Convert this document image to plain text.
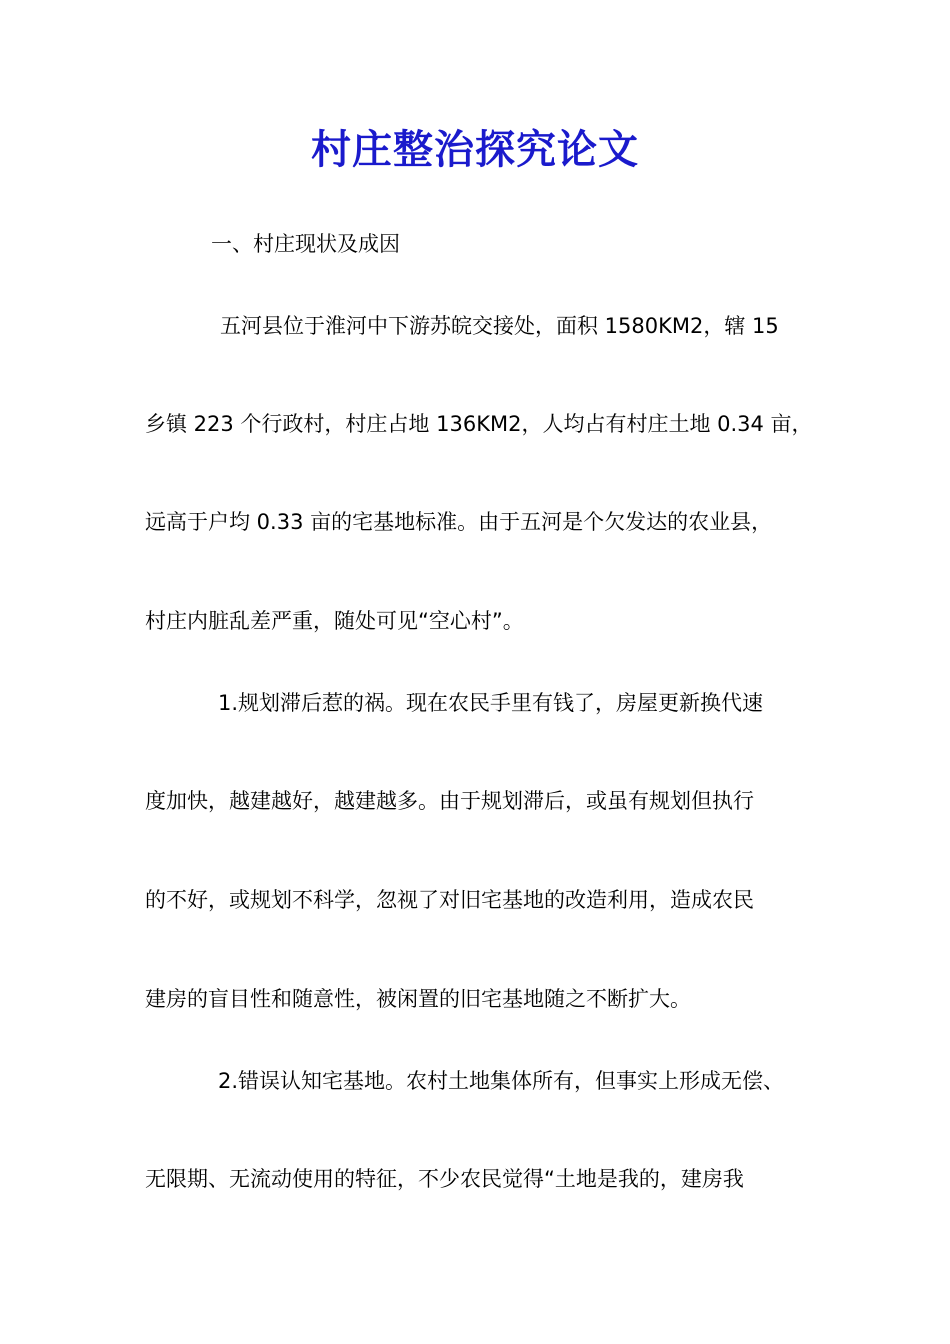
村庄整治探究论文
一、村庄现状及成因
五河县位于淮河中下游苏皖交接处，面积 1580KM2，辖 15
乡镇 223 个行政村，村庄占地 136KM2，人均占有村庄土地 0.34 亩，
远高于户均 0.33 亩的宅基地标准。由于五河是个欠发达的农业县，
村庄内脏乱差严重，随处可见“空心村”。
1.规划滞后惹的祸。现在农民手里有钱了，房屋更新换代速
度加快，越建越好，越建越多。由于规划滞后，或虽有规划但执行
的不好，或规划不科学，忽视了对旧宅基地的改造利用，造成农民
建房的盲目性和随意性，被闲置的旧宅基地随之不断扩大。
2.错误认知宅基地。农村土地集体所有，但事实上形成无偿、
无限期、无流动使用的特征，不少农民觉得“土地是我的，建房我
